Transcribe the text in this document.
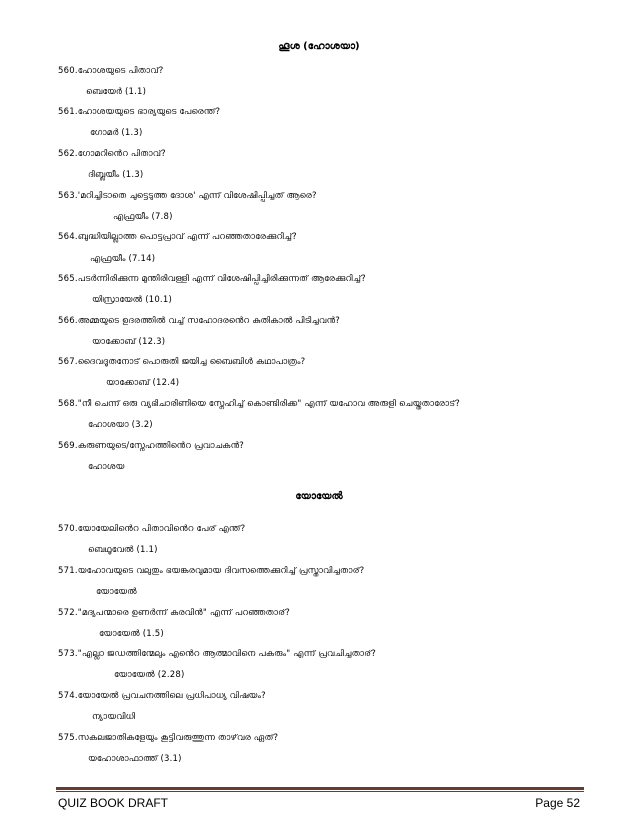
ഹൂശ (ഹോശയാ)
560.ഹോശയുടെ പിതാവ്?
ബെയേർ (1.1)
561.ഹോശയയുടെ ഭാര്യയുടെ പേരെന്ത്?
ഗോമർ (1.3)
562.ഗോമറിൻെറ പിതാവ്?
ദിബ്ലയീം (1.3)
563.'മറിച്ചിടാതെ ചുട്ടെടുത്ത ദോശ' എന്ന് വിശേഷിപ്പിച്ചത് ആരെ?
എഫ്രയീം (7.8)
564.ബുദ്ധിയില്ലാത്ത പൊട്ടപ്രാവ് എന്ന് പറഞ്ഞതാരേക്കുറിച്ച്?
എഫ്രയീം (7.14)
565.പടർന്നിരിക്കുന്ന മുന്തിരിവള്ളി എന്ന് വിശേഷിപ്പിച്ചിരിക്കുന്നത് ആരേക്കുറിച്ച്?
യിസ്രായേൽ (10.1)
566.അമ്മയുടെ ഉദരത്തിൽ വച്ച് സഹോദരൻെറ കുതികാൽ പിടിച്ചവൻ?
യാക്കോബ് (12.3)
567.ദൈവദൂതനോട് പൊരുതി ജയിച്ച ബൈബിൾ കഥാപാത്രം?
യാക്കോബ് (12.4)
568."നീ ചെന്ന് ഒരു വ്യഭിചാരിണിയെ സ്നേഹിച്ച് കൊണ്ടിരിക്ക" എന്ന് യഹോവ അരുളി ചെയ്തതാരോട്?
ഹോശയാ (3.2)
569.കരുണയുടെ/സ്നേഹത്തിൻെറ പ്രവാചകൻ?
ഹോശയ
യോയേൽ
570.യോയേലിൻെറ പിതാവിൻെറ പേര് എന്ത്?
ബെഥൂവേൽ (1.1)
571.യഹോവയുടെ വലുതും ഭയങ്കരവുമായ ദിവസത്തെക്കുറിച്ച് പ്രസ്താവിച്ചതാര്?
യോയേൽ
572."മദ്യപന്മാരെ ഉണർന്ന് കരവിൻ" എന്ന് പറഞ്ഞതാര്?
യോയേൽ (1.5)
573."എല്ലാ ജഡത്തിന്മേലും എൻെറ ആത്മാവിനെ പകരും" എന്ന് പ്രവചിച്ചതാര്?
യോയേൽ (2.28)
574.യോയേൽ പ്രവചനത്തിലെ പ്രധിപാധ്യ വിഷയം?
ന്യായവിധി
575.സകലജാതികളേയും കൂട്ടിവരുത്തുന്ന താഴ്‌വര ഏത്?
യഹോശാഫാത്ത് (3.1)
QUIZ BOOK DRAFT	Page 52
